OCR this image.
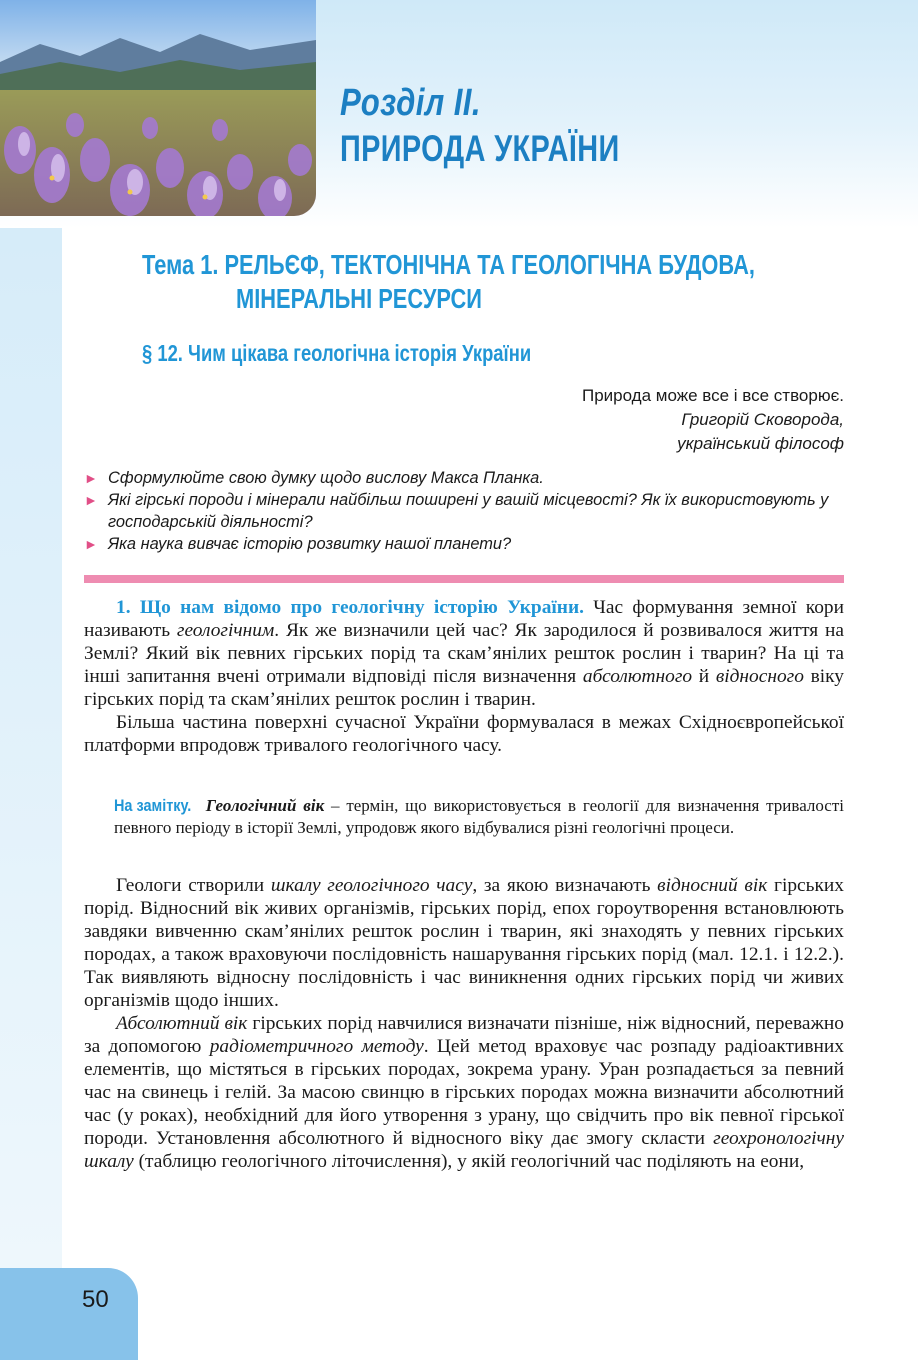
Розділ ІІ.
ПРИРОДА УКРАЇНИ
Тема 1. РЕЛЬЄФ, ТЕКТОНІЧНА ТА ГЕОЛОГІЧНА БУДОВА,
МІНЕРАЛЬНІ РЕСУРСИ
§ 12. Чим цікава геологічна історія України
Природа може все і все створює.
Григорій Сковорода,
український філософ
► Сформулюйте свою думку щодо вислову Макса Планка.
► Які гірські породи і мінерали найбільш поширені у вашій місцевості? Як їх використовують у господарській діяльності?
► Яка наука вивчає історію розвитку нашої планети?

1. Що нам відомо про геологічну історію України. Час формування земної кори називають геологічним. Як же визначили цей час? Як зародилося й розвивалося життя на Землі? Який вік певних гірських порід та скам’янілих решток рослин і тварин? На ці та інші запитання вчені отримали відповіді після визначення абсолютного й відносного віку гірських порід та скам’янілих решток рослин і тварин.

Більша частина поверхні сучасної України формувалася в межах Східноєвропейської платформи впродовж тривалого геологічного часу.

На замітку. Геологічний вік – термін, що використовується в геології для визначення тривалості певного періоду в історії Землі, упродовж якого відбувалися різні геологічні процеси.

Геологи створили шкалу геологічного часу, за якою визначають відносний вік гірських порід. Відносний вік живих організмів, гірських порід, епох горoутворення встановлюють завдяки вивченню скам’янілих решток рослин і тварин, які знаходять у певних гірських породах, а також враховуючи послідовність нашарування гірських порід (мал. 12.1. і 12.2.). Так виявляють відносну послідовність і час виникнення одних гірських порід чи живих організмів щодо інших.

Абсолютний вік гірських порід навчилися визначати пізніше, ніж відносний, переважно за допомогою радіометричного методу. Цей метод враховує час розпаду радіоактивних елементів, що містяться в гірських породах, зокрема урану. Уран розпадається за певний час на свинець і гелій. За масою свинцю в гірських породах можна визначити абсолютний час (у роках), необхідний для його утворення з урану, що свідчить про вік певної гірської породи. Установлення абсолютного й відносного віку дає змогу скласти геохронологічну шкалу (таблицю геологічного літочислення), у якій геологічний час поділяють на еони,

50
